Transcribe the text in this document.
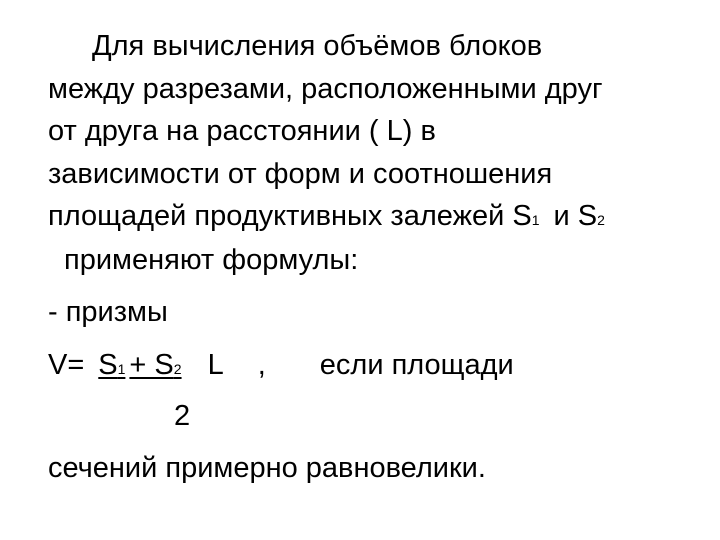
Для вычисления объёмов блоков
между разрезами, расположенными друг
от друга на расстоянии ( L) в
зависимости от форм и соотношения
площадей продуктивных залежей S1 и S2
применяют формулы:
- призмы
V= S1 + S2 L , если площади
2
сечений примерно равновелики.
